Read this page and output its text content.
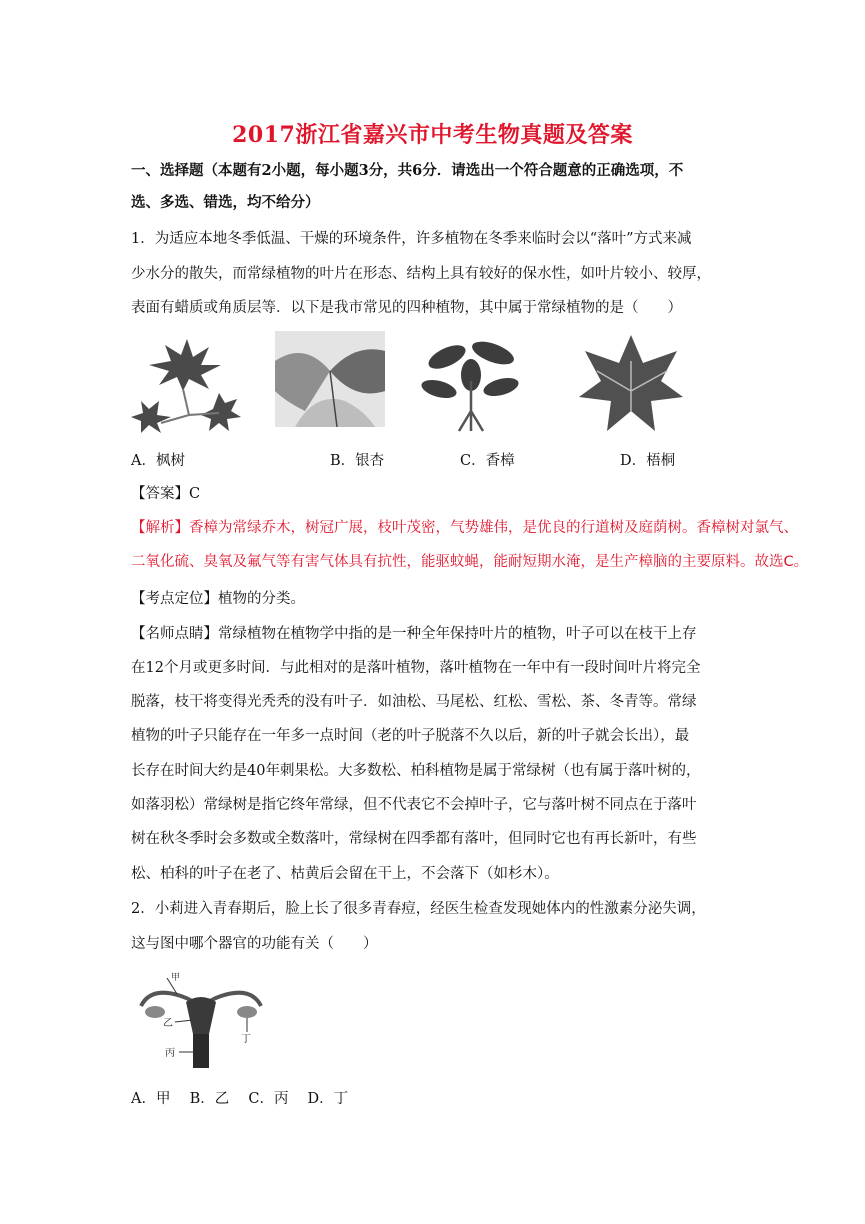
2017浙江省嘉兴市中考生物真题及答案
一、选择题（本题有2小题，每小题3分，共6分．请选出一个符合题意的正确选项，不
选、多选、错选，均不给分）
1．为适应本地冬季低温、干燥的环境条件，许多植物在冬季来临时会以“落叶”方式来减
少水分的散失，而常绿植物的叶片在形态、结构上具有较好的保水性，如叶片较小、较厚，
表面有蜡质或角质层等．以下是我市常见的四种植物，其中属于常绿植物的是（　　）
A．枫树	B．银杏	C．香樟	D．梧桐
【答案】C
【解析】香樟为常绿乔木，树冠广展，枝叶茂密，气势雄伟，是优良的行道树及庭荫树。香樟树对氯气、
二氧化硫、臭氧及氟气等有害气体具有抗性，能驱蚊蝇，能耐短期水淹，是生产樟脑的主要原料。故选C。
【考点定位】植物的分类。
【名师点睛】常绿植物在植物学中指的是一种全年保持叶片的植物，叶子可以在枝干上存
在12个月或更多时间．与此相对的是落叶植物，落叶植物在一年中有一段时间叶片将完全
脱落，枝干将变得光秃秃的没有叶子．如油松、马尾松、红松、雪松、茶、冬青等。常绿
植物的叶子只能存在一年多一点时间（老的叶子脱落不久以后，新的叶子就会长出），最
长存在时间大约是40年刺果松。大多数松、柏科植物是属于常绿树（也有属于落叶树的，
如落羽松）常绿树是指它终年常绿，但不代表它不会掉叶子，它与落叶树不同点在于落叶
树在秋冬季时会多数或全数落叶，常绿树在四季都有落叶，但同时它也有再长新叶，有些
松、柏科的叶子在老了、枯黄后会留在干上，不会落下（如杉木）。
2．小莉进入青春期后，脸上长了很多青春痘，经医生检查发现她体内的性激素分泌失调，
这与图中哪个器官的功能有关（　　）
甲
乙
丙
丁
A．甲　 B．乙　 C．丙　 D．丁
